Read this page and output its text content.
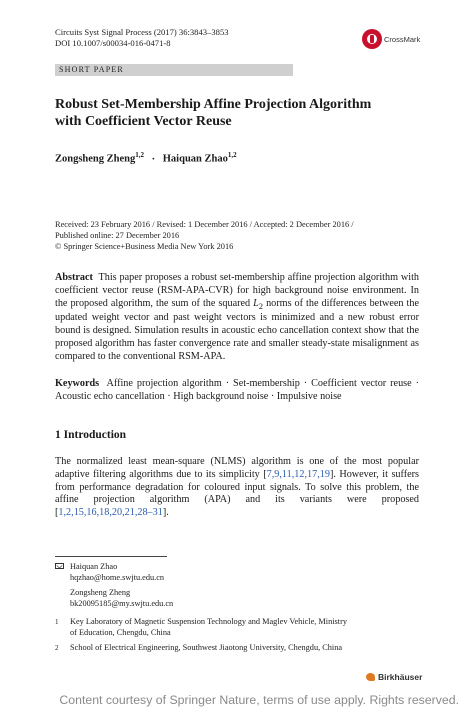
Circuits Syst Signal Process (2017) 36:3843–3853
DOI 10.1007/s00034-016-0471-8	CrossMark
SHORT PAPER
Robust Set-Membership Affine Projection Algorithm
with Coefficient Vector Reuse
Zongsheng Zheng$^{1,2}$ · Haiquan Zhao$^{1,2}$
Received: 23 February 2016 / Revised: 1 December 2016 / Accepted: 2 December 2016 /
Published online: 27 December 2016
© Springer Science+Business Media New York 2016
Abstract This paper proposes a robust set-membership affine projection algorithm with coefficient vector reuse (RSM-APA-CVR) for high background noise environment. In the proposed algorithm, the sum of the squared $L_2$ norms of the differences between the updated weight vector and past weight vectors is minimized and a new robust error bound is designed. Simulation results in acoustic echo cancellation context show that the proposed algorithm has faster convergence rate and smaller steady-state misalignment as compared to the conventional RSM-APA.
Keywords Affine projection algorithm · Set-membership · Coefficient vector reuse · Acoustic echo cancellation · High background noise · Impulsive noise
1 Introduction
The normalized least mean-square (NLMS) algorithm is one of the most popular adaptive filtering algorithms due to its simplicity [7,9,11,12,17,19]. However, it suffers from performance degradation for coloured input signals. To solve this problem, the affine projection algorithm (APA) and its variants were proposed [1,2,15,16,18,20,21,28–31].
Haiquan Zhao
hqzhao@home.swjtu.edu.cn
Zongsheng Zheng
bk20095185@my.swjtu.edu.cn
1 Key Laboratory of Magnetic Suspension Technology and Maglev Vehicle, Ministry
of Education, Chengdu, China
2 School of Electrical Engineering, Southwest Jiaotong University, Chengdu, China
Birkhäuser
Content courtesy of Springer Nature, terms of use apply. Rights reserved.
